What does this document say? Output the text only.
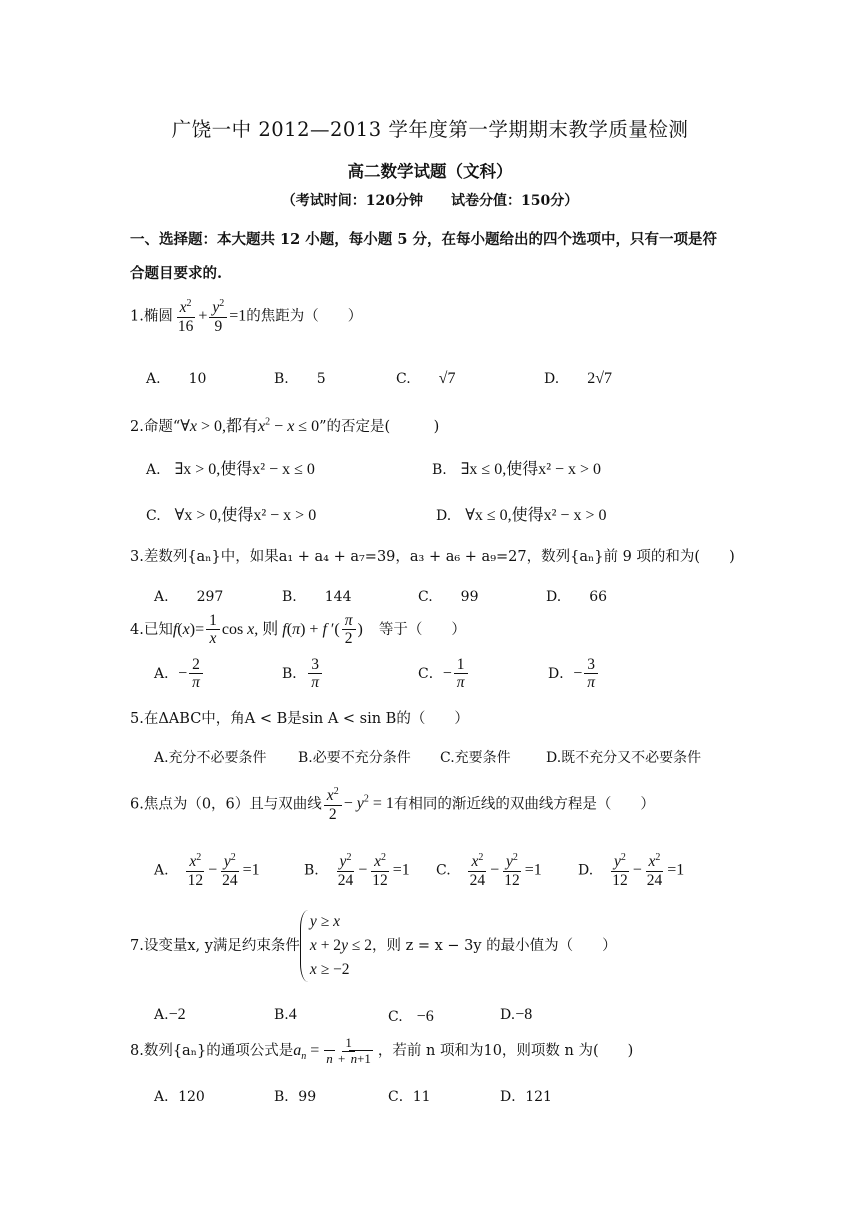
广饶一中 2012—2013 学年度第一学期期末教学质量检测
高二数学试题（文科）
（考试时间：120分钟　　试卷分值：150分）
一、选择题：本大题共 12 小题，每小题 5 分，在每小题给出的四个选项中，只有一项是符
合题目要求的.
1.椭圆 $\frac{x^2}{16} + \frac{y^2}{9} =1$的焦距为（　　）
A.　　 10	B.　　 5	C.　　 √7	D.　　 2√7
2.命题“∀x > 0,都有$x^2 - x \le 0$”的否定是(　　　)
A.　 ∃x > 0,使得x² − x ≤ 0	B.　 ∃x ≤ 0,使得x² − x > 0
C.　 ∀x > 0,使得x² − x > 0	D.　 ∀x ≤ 0,使得x² − x > 0
3.差数列{aₙ}中，如果a₁ + a₄ + a₇=39，a₃ + a₆ + a₉=27，数列{aₙ}前 9 项的和为(　　)
A.　　 297	B.　　 144	C.　　 99	D.　　 66
4.已知$f(x)= \frac{1}{x}$ cos x, 则 f(π) + f ′( $\frac{\pi}{2}$ )　等于（　　）
A．− $\frac{2}{\pi}$	B． $\frac{3}{\pi}$	C．− $\frac{1}{\pi}$	D．− $\frac{3}{\pi}$
5.在ΔABC中，角A < B是sin A < sin B的（　　）
A.充分不必要条件 B.必要不充分条件 C.充要条件	D.既不充分又不必要条件
6.焦点为（0，6）且与双曲线 $\frac{x^2}{2} - y^2 = 1$有相同的渐近线的双曲线方程是（　　）
A.　 $\frac{x^2}{12} - \frac{y^2}{24} =1$	B.　 $\frac{y^2}{24} - \frac{x^2}{12} =1$ C.　 $\frac{x^2}{24} - \frac{y^2}{12} =1$	D.　 $\frac{y^2}{12} - \frac{x^2}{24} =1$
7.设变量x, y满足约束条件
y ≥ x
x + 2y ≤ 2
x ≥ −2
，则 z = x − 3y 的最小值为（　　）
A.−2	B.4	C.　 −6	D.−8
8.数列{aₙ}的通项公式是$a_n = \frac{1}{n + n+1}$ ，若前 n 项和为10，则项数 n 为(　　)
A．120	B．99	C．11	D．121
